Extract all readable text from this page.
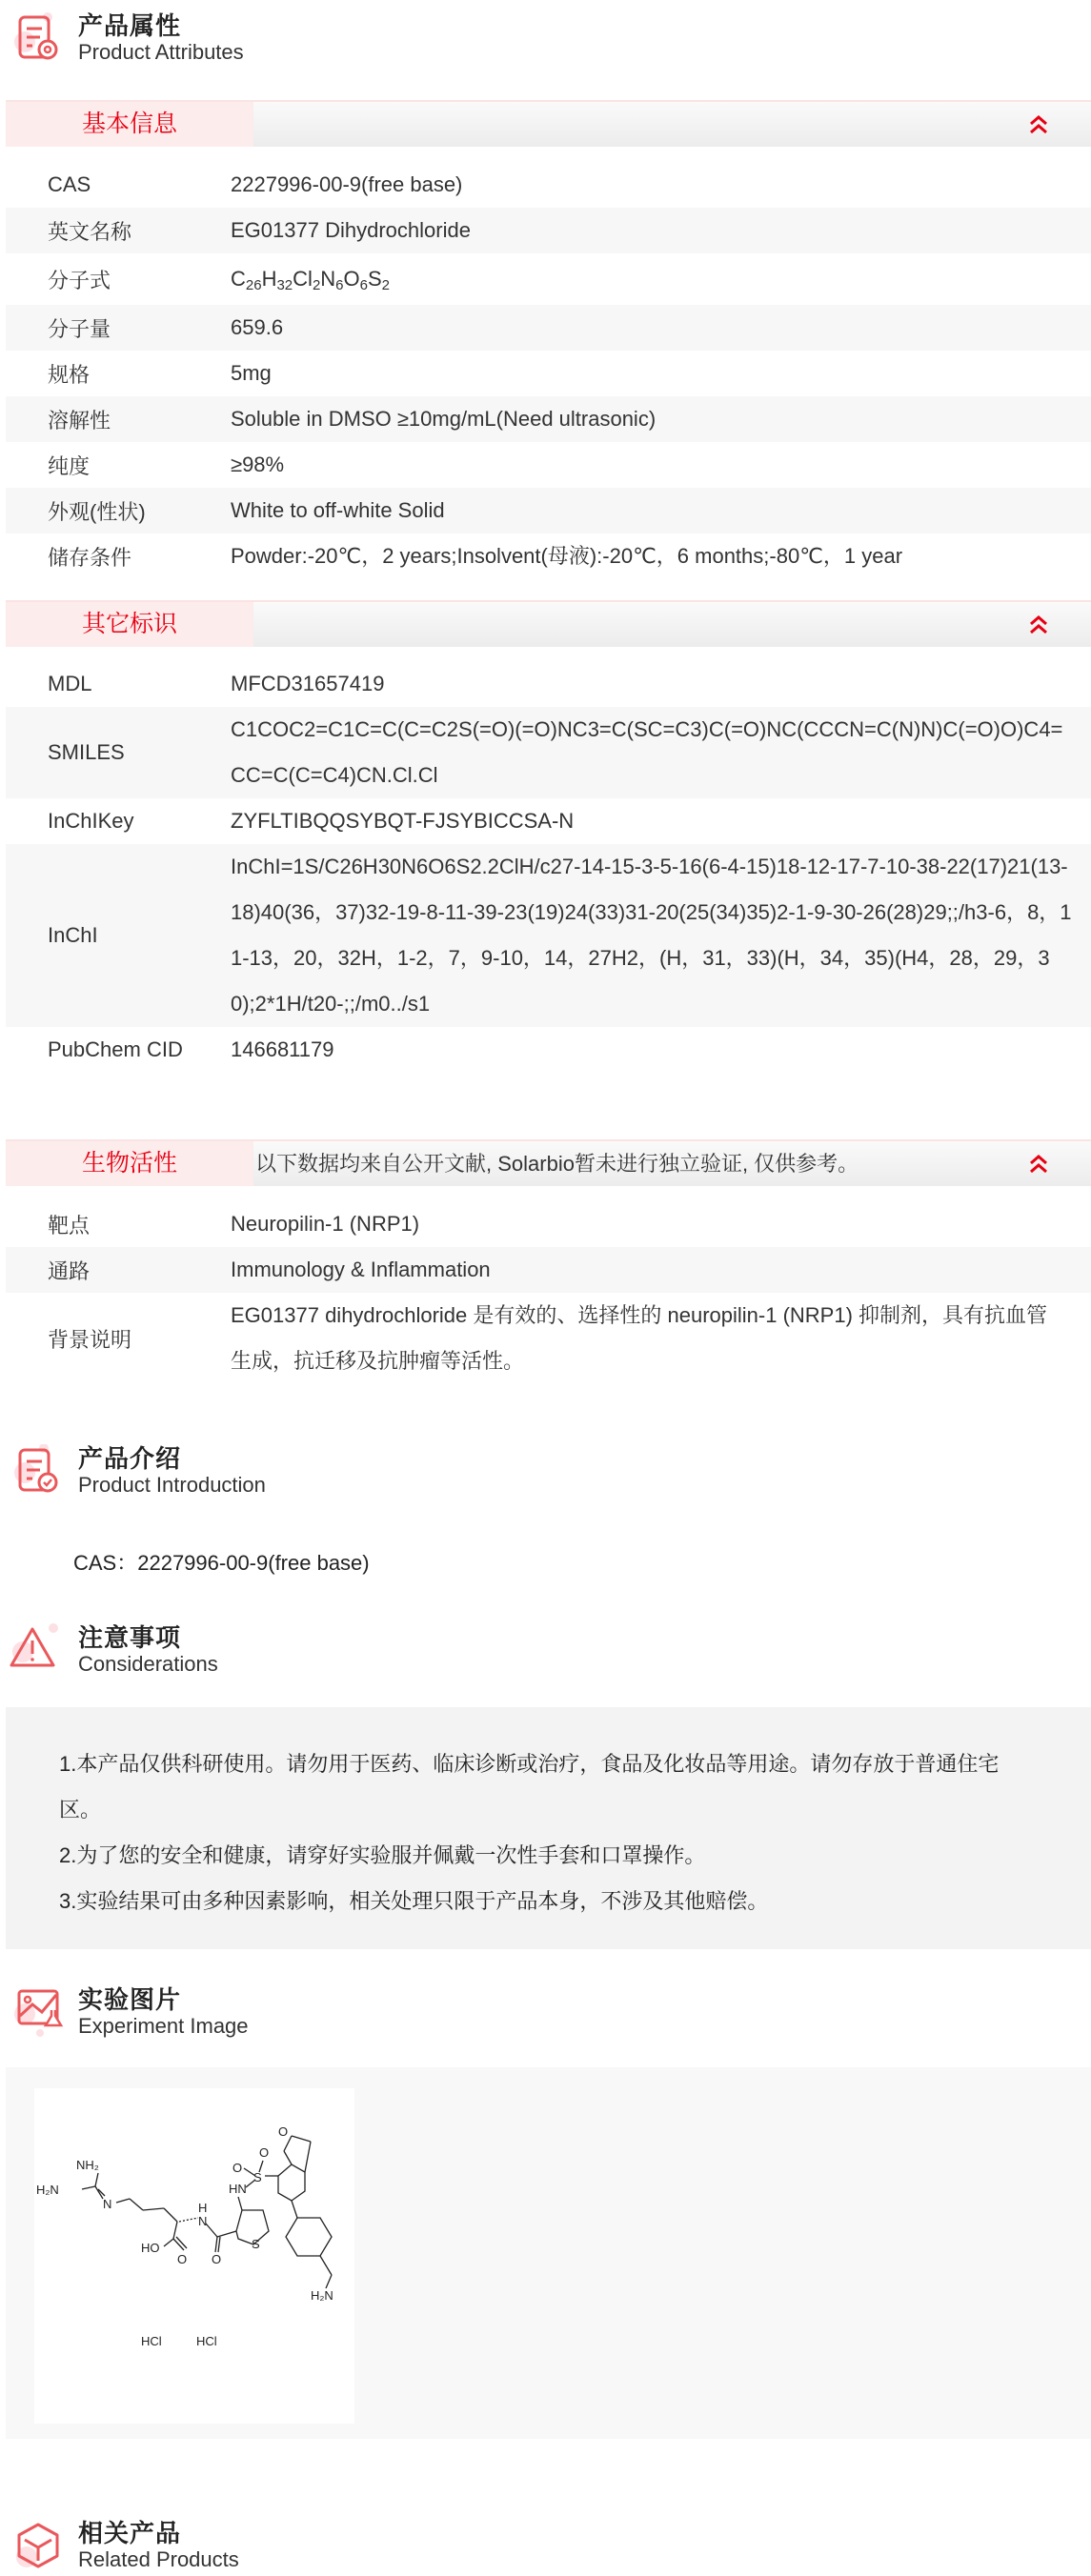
产品属性
Product Attributes
基本信息
CAS	2227996-00-9(free base)
英文名称	EG01377 Dihydrochloride
分子式	$C_{26}H_{32}Cl_2N_6O_6S_2$
分子量	659.6
规格	5mg
溶解性	Soluble in DMSO ≥10mg/mL(Need ultrasonic)
纯度	≥98%
外观(性状)	White to off-white Solid
储存条件	Powder:-20℃，2 years;Insolvent(母液):-20℃，6 months;-80℃，1 year
其它标识
MDL	MFCD31657419
SMILES
C1COC2=C1C=C(C=C2S(=O)(=O)NC3=C(SC=C3)C(=O)NC(CCCN=C(N)N)C(=O)O)C4=CC=C(C=C4)CN.Cl.Cl
InChIKey	ZYFLTIBQQSYBQT-FJSYBICCSA-N
InChI
InChI=1S/C26H30N6O6S2.2ClH/c27-14-15-3-5-16(6-4-15)18-12-17-7-10-38-22(17)21(13-18)40(36，37)32-19-8-11-39-23(19)24(33)31-20(25(34)35)2-1-9-30-26(28)29;;/h3-6，8，11-13，20，32H，1-2，7，9-10，14，27H2，(H，31，33)(H，34，35)(H4，28，29，30);2*1H/t20-;;/m0../s1
PubChem CID	146681179
生物活性	以下数据均来自公开文献, Solarbio暂未进行独立验证, 仅供参考。
靶点	Neuropilin-1 (NRP1)
通路	Immunology & Inflammation
背景说明
EG01377 dihydrochloride 是有效的、选择性的 neuropilin-1 (NRP1) 抑制剂，具有抗血管生成，抗迁移及抗肿瘤等活性。
产品介绍
Product Introduction
CAS：2227996-00-9(free base)
注意事项
Considerations

1.本产品仅供科研使用。请勿用于医药、临床诊断或治疗，食品及化妆品等用途。请勿存放于普通住宅区。

2.为了您的安全和健康，请穿好实验服并佩戴一次性手套和口罩操作。

3.实验结果可由多种因素影响，相关处理只限于产品本身，不涉及其他赔偿。

实验图片
Experiment Image
NH₂
H₂N
N	H
N
HO
O O
S
HN
S
O
O
O
H₂N
HCl	HCl
相关产品
Related Products
